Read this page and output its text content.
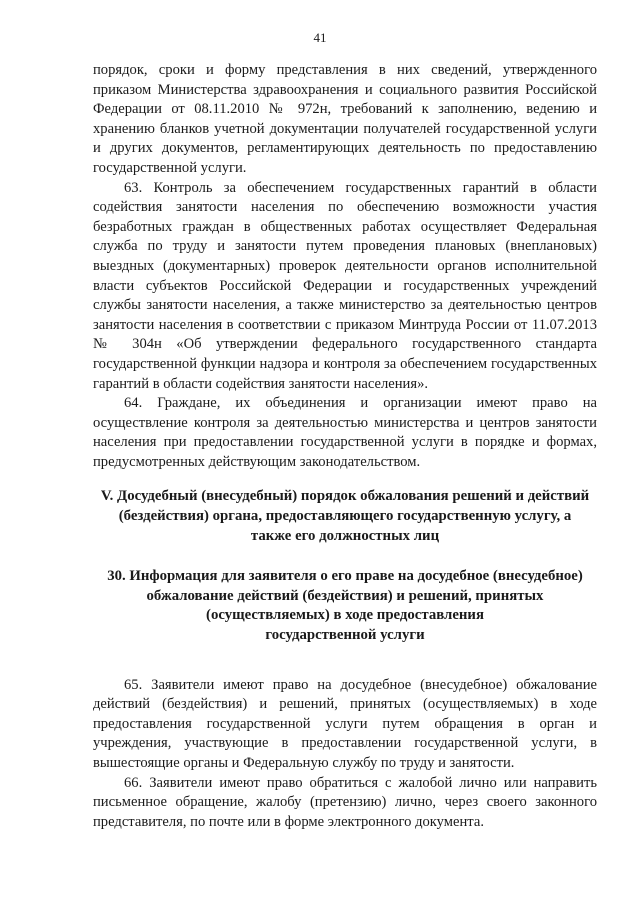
41

порядок, сроки и форму представления в них сведений, утвержденного приказом Министерства здравоохранения и социального развития Российской Федерации от 08.11.2010 № 972н, требований к заполнению, ведению и хранению бланков учетной документации получателей государственной услуги и других документов, регламентирующих деятельность по предоставлению государственной услуги.

63. Контроль за обеспечением государственных гарантий в области содействия занятости населения по обеспечению возможности участия безработных граждан в общественных работах осуществляет Федеральная служба по труду и занятости путем проведения плановых (внеплановых) выездных (документарных) проверок деятельности органов исполнительной власти субъектов Российской Федерации и государственных учреждений службы занятости населения, а также министерство за деятельностью центров занятости населения в соответствии с приказом Минтруда России от 11.07.2013 № 304н «Об утверждении федерального государственного стандарта государственной функции надзора и контроля за обеспечением государственных гарантий в области содействия занятости населения».

64. Граждане, их объединения и организации имеют право на осуществление контроля за деятельностью министерства и центров занятости населения при предоставлении государственной услуги в порядке и формах, предусмотренных действующим законодательством.

V. Досудебный (внесудебный) порядок обжалования решений и действий

(бездействия) органа, предоставляющего государственную услугу, а

также его должностных лиц

30. Информация для заявителя о его праве на досудебное (внесудебное)

обжалование действий (бездействия) и решений, принятых

(осуществляемых) в ходе предоставления

государственной услуги

65. Заявители имеют право на досудебное (внесудебное) обжалование действий (бездействия) и решений, принятых (осуществляемых) в ходе предоставления государственной услуги путем обращения в орган и учреждения, участвующие в предоставлении государственной услуги, в вышестоящие органы и Федеральную службу по труду и занятости.

66. Заявители имеют право обратиться с жалобой лично или направить письменное обращение, жалобу (претензию) лично, через своего законного представителя, по почте или в форме электронного документа.
